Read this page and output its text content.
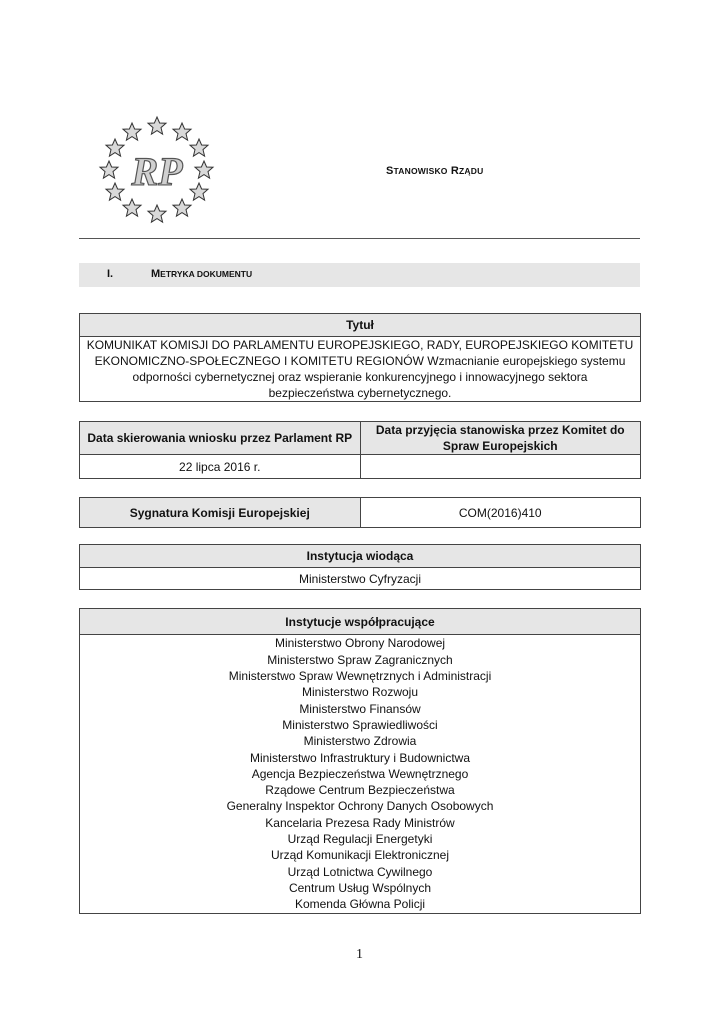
RP	STANOWISKO RZĄDU
I.	METRYKA DOKUMENTU
Tytuł

KOMUNIKAT KOMISJI DO PARLAMENTU EUROPEJSKIEGO, RADY, EUROPEJSKIEGO KOMITETU
EKONOMICZNO-SPOŁECZNEGO I KOMITETU REGIONÓW Wzmacnianie europejskiego systemu
odporności cybernetycznej oraz wspieranie konkurencyjnego i innowacyjnego sektora
bezpieczeństwa cybernetycznego.
Data skierowania wniosku przez Parlament RP	Data przyjęcia stanowiska przez Komitet do Spraw Europejskich
22 lipca 2016 r.	
Sygnatura Komisji Europejskiej	COM(2016)410
Instytucja wiodąca
Ministerstwo Cyfryzacji
Instytucje współpracujące

Ministerstwo Obrony Narodowej
Ministerstwo Spraw Zagranicznych
Ministerstwo Spraw Wewnętrznych i Administracji
Ministerstwo Rozwoju
Ministerstwo Finansów
Ministerstwo Sprawiedliwości
Ministerstwo Zdrowia
Ministerstwo Infrastruktury i Budownictwa
Agencja Bezpieczeństwa Wewnętrznego
Rządowe Centrum Bezpieczeństwa
Generalny Inspektor Ochrony Danych Osobowych
Kancelaria Prezesa Rady Ministrów
Urząd Regulacji Energetyki
Urząd Komunikacji Elektronicznej
Urząd Lotnictwa Cywilnego
Centrum Usług Wspólnych
Komenda Główna Policji
1
